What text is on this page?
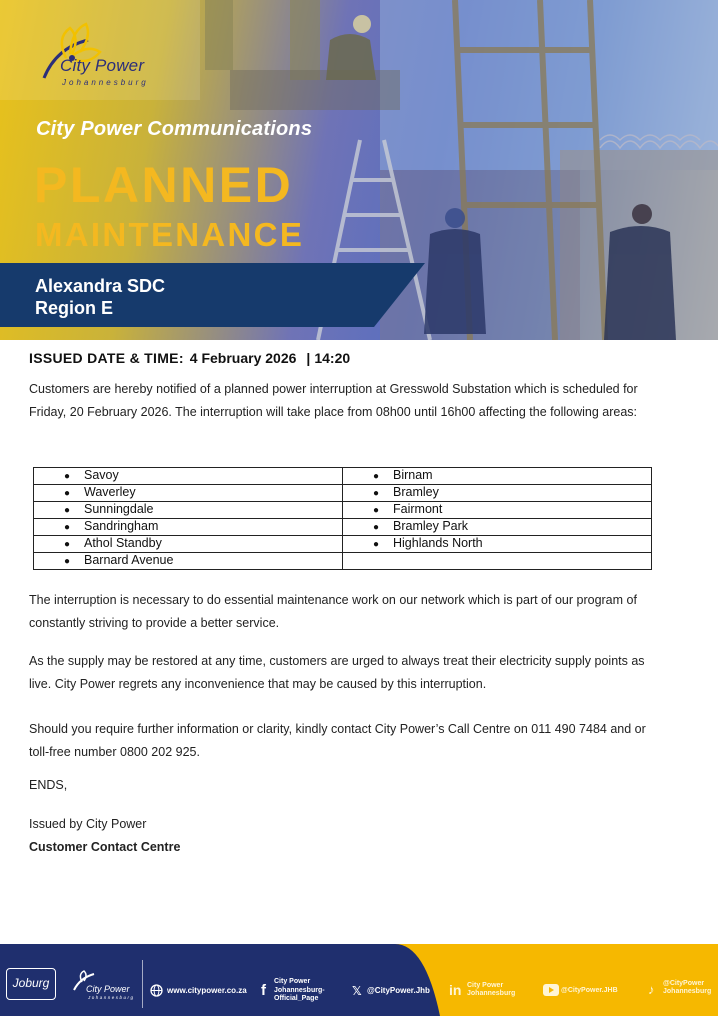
City Power
Johannesburg
City Power Communications
PLANNED
MAINTENANCE
Alexandra SDC
Region E
ISSUED DATE & TIME: 4 February 2026 | 14:20

Customers are hereby notified of a planned power interruption at Gresswold Substation which is scheduled for Friday, 20 February 2026. The interruption will take place from 08h00 until 16h00 affecting the following areas:

● Savoy	● Birnam
● Waverley	● Bramley
● Sunningdale	● Fairmont
● Sandringham	● Bramley Park
● Athol Standby	● Highlands North
● Barnard Avenue	

The interruption is necessary to do essential maintenance work on our network which is part of our program of constantly striving to provide a better service.

As the supply may be restored at any time, customers are urged to always treat their electricity supply points as live. City Power regrets any inconvenience that may be caused by this interruption.

Should you require further information or clarity, kindly contact City Power’s Call Centre on 011 490 7484 and or toll-free number 0800 202 925.

ENDS,

Issued by City Power

Customer Contact Centre

Joburg	City Power
Johannesburg
www.citypower.co.za f
City Power
Johannesburg-
Official_Page
𝕏 @CityPower.Jhb in City Power
Johannesburg	@CityPower.JHB ♪ @CityPower
Johannesburg
